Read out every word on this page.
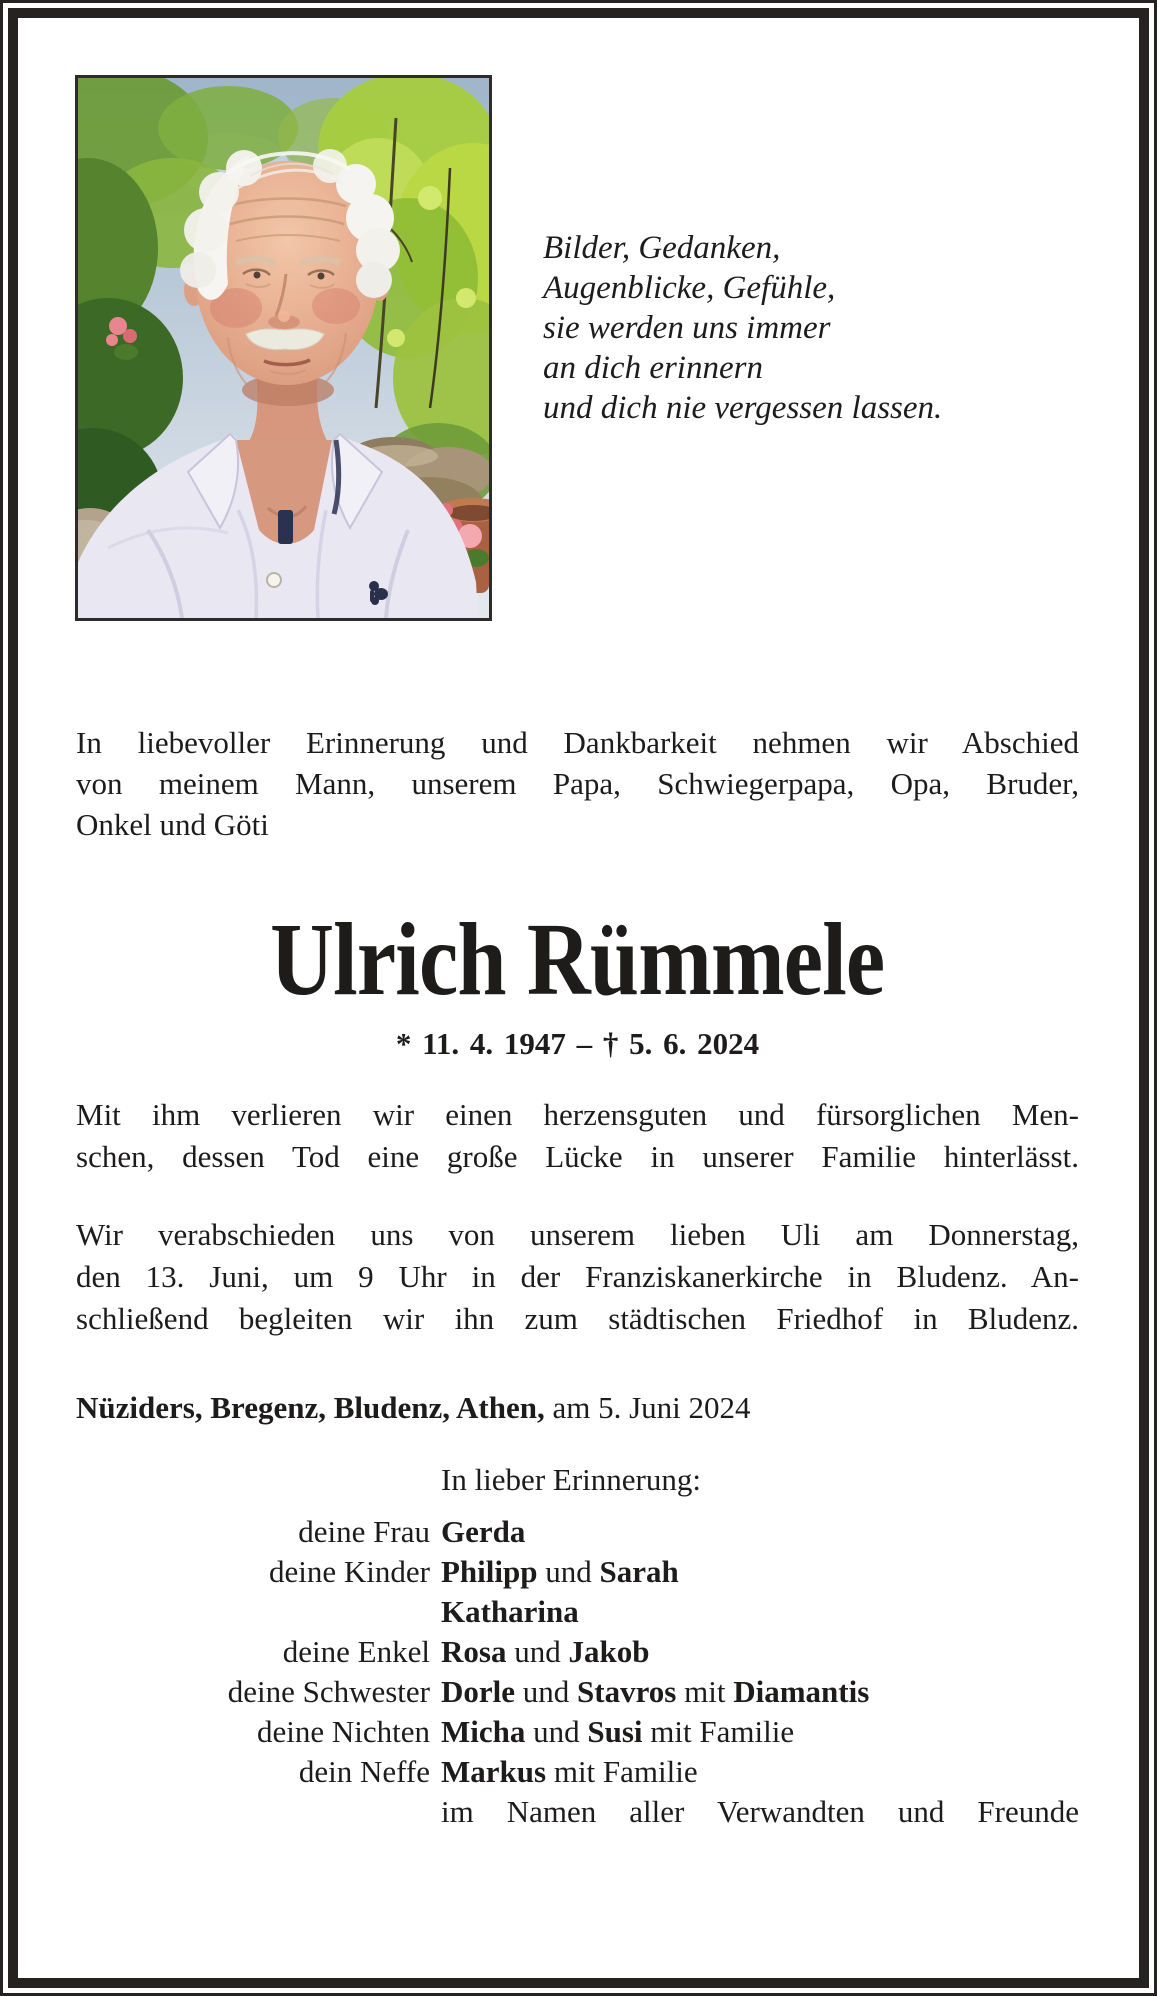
Bilder, Gedanken,
Augenblicke, Gefühle,
sie werden uns immer
an dich erinnern
und dich nie vergessen lassen.
In liebevoller Erinnerung und Dankbarkeit nehmen wir Abschied
von meinem Mann, unserem Papa, Schwiegerpapa, Opa, Bruder,
Onkel und Göti
Ulrich Rümmele
* 11. 4. 1947 – † 5. 6. 2024
Mit ihm verlieren wir einen herzensguten und fürsorglichen Men-
schen, dessen Tod eine große Lücke in unserer Familie hinterlässt.
Wir verabschieden uns von unserem lieben Uli am Donnerstag,
den 13. Juni, um 9 Uhr in der Franziskanerkirche in Bludenz. An-
schließend begleiten wir ihn zum städtischen Friedhof in Bludenz.
Nüziders, Bregenz, Bludenz, Athen, am 5. Juni 2024
In lieber Erinnerung:
deine Frau Gerda
deine Kinder Philipp und Sarah
Katharina
deine Enkel Rosa und Jakob
deine Schwester Dorle und Stavros mit Diamantis
deine Nichten Micha und Susi mit Familie
dein Neffe Markus mit Familie
im Namen aller Verwandten und Freunde
